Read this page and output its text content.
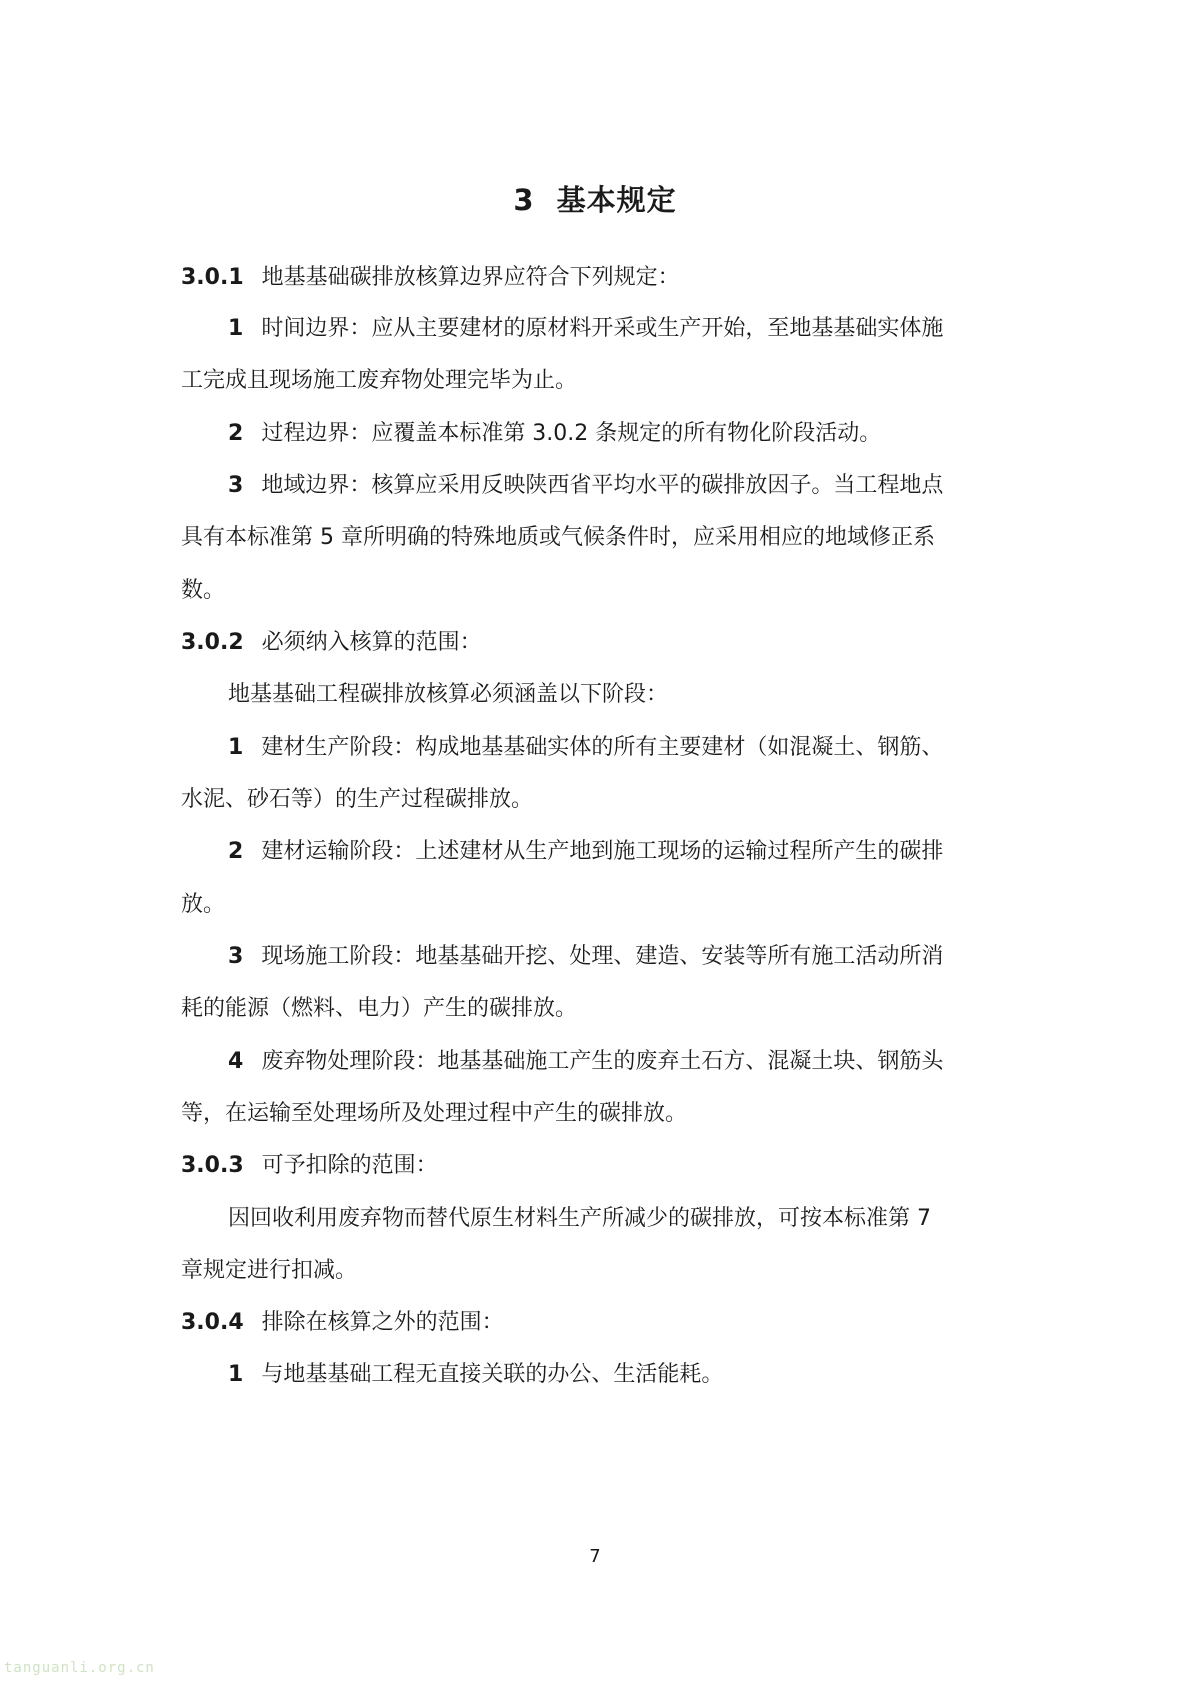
3 基本规定
3.0.1 地基基础碳排放核算边界应符合下列规定：
1 时间边界：应从主要建材的原材料开采或生产开始，至地基基础实体施
工完成且现场施工废弃物处理完毕为止。
2 过程边界：应覆盖本标准第 3.0.2 条规定的所有物化阶段活动。
3 地域边界：核算应采用反映陕西省平均水平的碳排放因子。当工程地点
具有本标准第 5 章所明确的特殊地质或气候条件时，应采用相应的地域修正系
数。
3.0.2 必须纳入核算的范围：
地基基础工程碳排放核算必须涵盖以下阶段：
1 建材生产阶段：构成地基基础实体的所有主要建材（如混凝土、钢筋、
水泥、砂石等）的生产过程碳排放。
2 建材运输阶段：上述建材从生产地到施工现场的运输过程所产生的碳排
放。
3 现场施工阶段：地基基础开挖、处理、建造、安装等所有施工活动所消
耗的能源（燃料、电力）产生的碳排放。
4 废弃物处理阶段：地基基础施工产生的废弃土石方、混凝土块、钢筋头
等，在运输至处理场所及处理过程中产生的碳排放。
3.0.3 可予扣除的范围：
因回收利用废弃物而替代原生材料生产所减少的碳排放，可按本标准第 7
章规定进行扣减。
3.0.4 排除在核算之外的范围：
1 与地基基础工程无直接关联的办公、生活能耗。
7
tanguanli.org.cn
